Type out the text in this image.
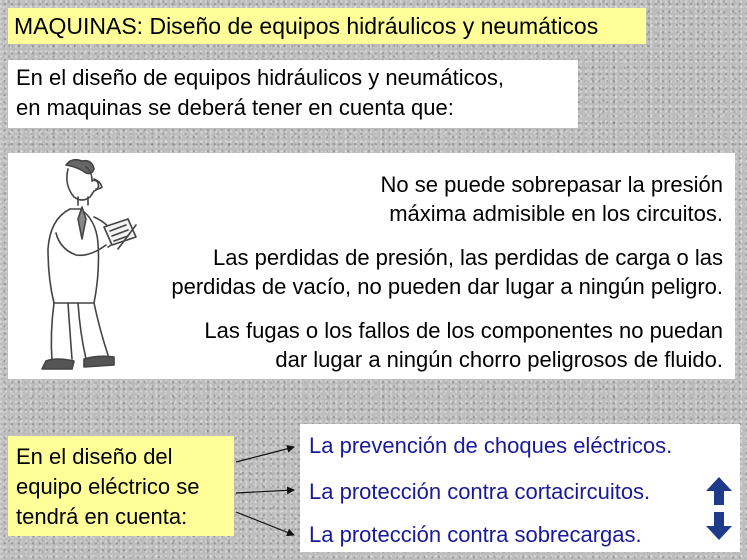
MAQUINAS: Diseño de equipos hidráulicos y neumáticos
En el diseño de equipos hidráulicos y neumáticos,
en maquinas se deberá tener en cuenta que:
No se puede sobrepasar la presión
máxima admisible en los circuitos.
Las perdidas de presión, las perdidas de carga o las
perdidas de vacío, no pueden dar lugar a ningún peligro.
Las fugas o los fallos de los componentes no puedan
dar lugar a ningún chorro peligrosos de fluido.
En el diseño del
equipo eléctrico se
tendrá en cuenta:
La prevención de choques eléctricos.
La protección contra cortacircuitos.
La protección contra sobrecargas.
